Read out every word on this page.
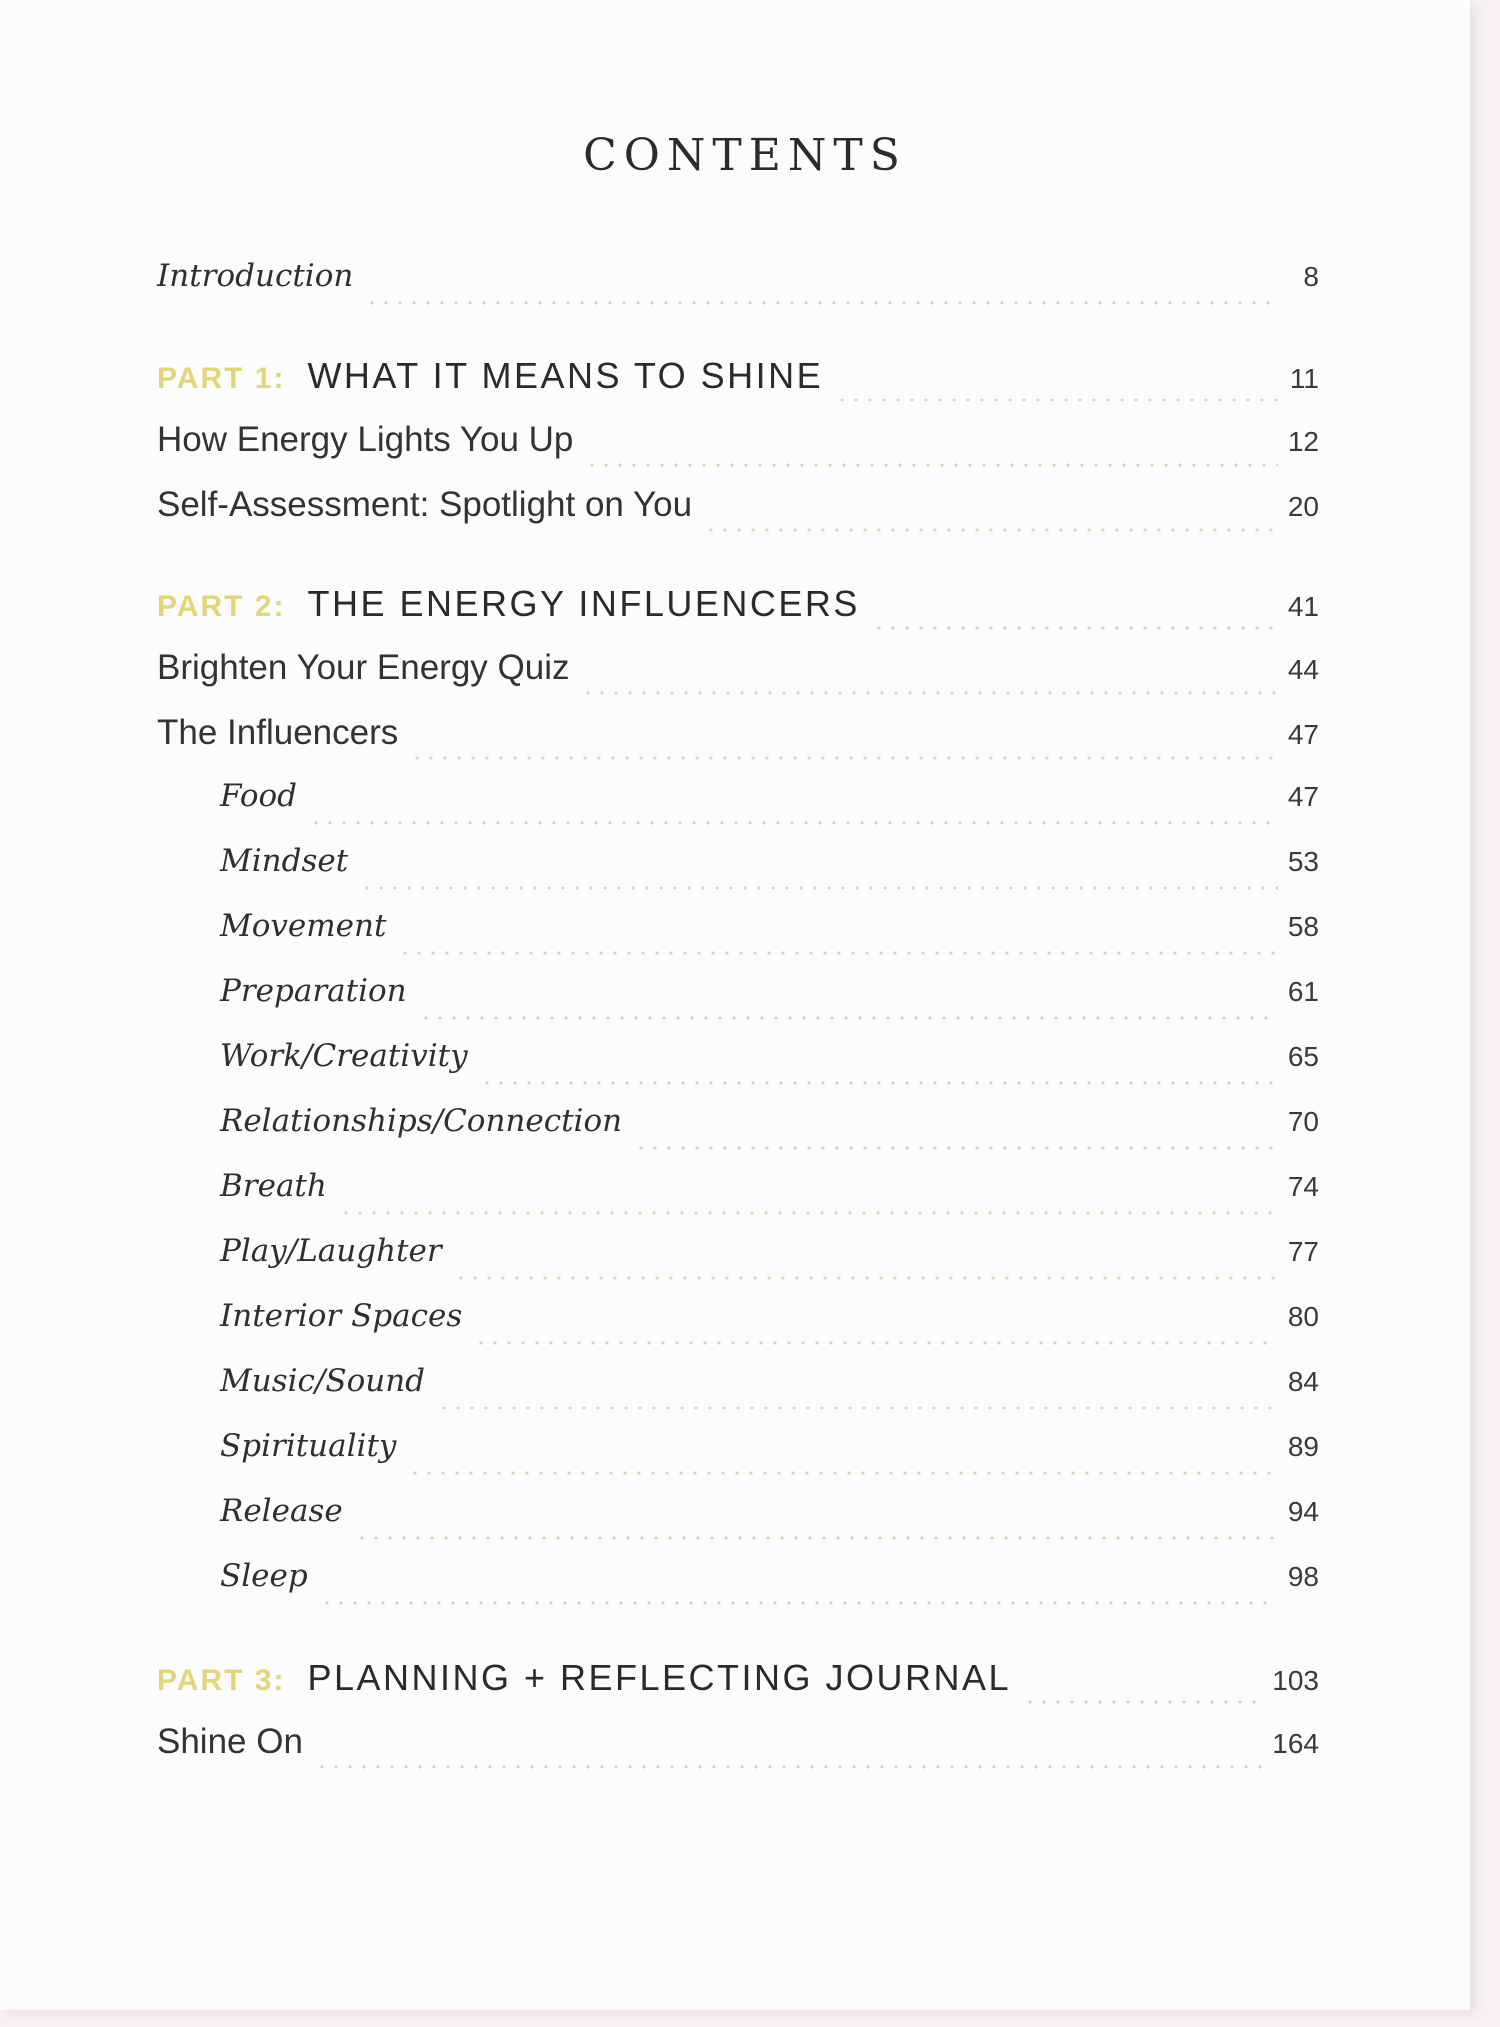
CONTENTS
Introduction	8
PART 1: WHAT IT MEANS TO SHINE	11
How Energy Lights You Up	12
Self-Assessment: Spotlight on You	20
PART 2: THE ENERGY INFLUENCERS	41
Brighten Your Energy Quiz	44
The Influencers	47
Food	47
Mindset	53
Movement	58
Preparation	61
Work/Creativity	65
Relationships/Connection	70
Breath	74
Play/Laughter	77
Interior Spaces	80
Music/Sound	84
Spirituality	89
Release	94
Sleep	98
PART 3: PLANNING + REFLECTING JOURNAL	103
Shine On	164
